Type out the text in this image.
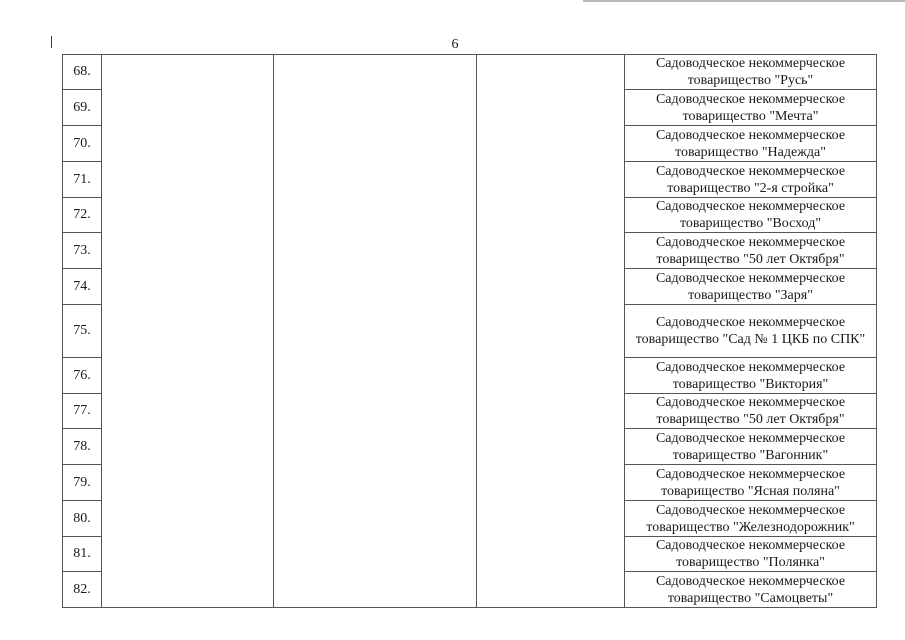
6
68.				Садоводческое некоммерческое товарищество "Русь"
69.				Садоводческое некоммерческое товарищество "Мечта"
70.				Садоводческое некоммерческое товарищество "Надежда"
71.				Садоводческое некоммерческое товарищество "2-я стройка"
72.				Садоводческое некоммерческое товарищество "Восход"
73.				Садоводческое некоммерческое товарищество "50 лет Октября"
74.				Садоводческое некоммерческое товарищество "Заря"
75.				Садоводческое некоммерческое товарищество "Сад № 1 ЦКБ по СПК"
76.				Садоводческое некоммерческое товарищество "Виктория"
77.				Садоводческое некоммерческое товарищество "50 лет Октября"
78.				Садоводческое некоммерческое товарищество "Вагонник"
79.				Садоводческое некоммерческое товарищество "Ясная поляна"
80.				Садоводческое некоммерческое товарищество "Железнодорожник"
81.				Садоводческое некоммерческое товарищество "Полянка"
82.				Садоводческое некоммерческое товарищество "Самоцветы"
